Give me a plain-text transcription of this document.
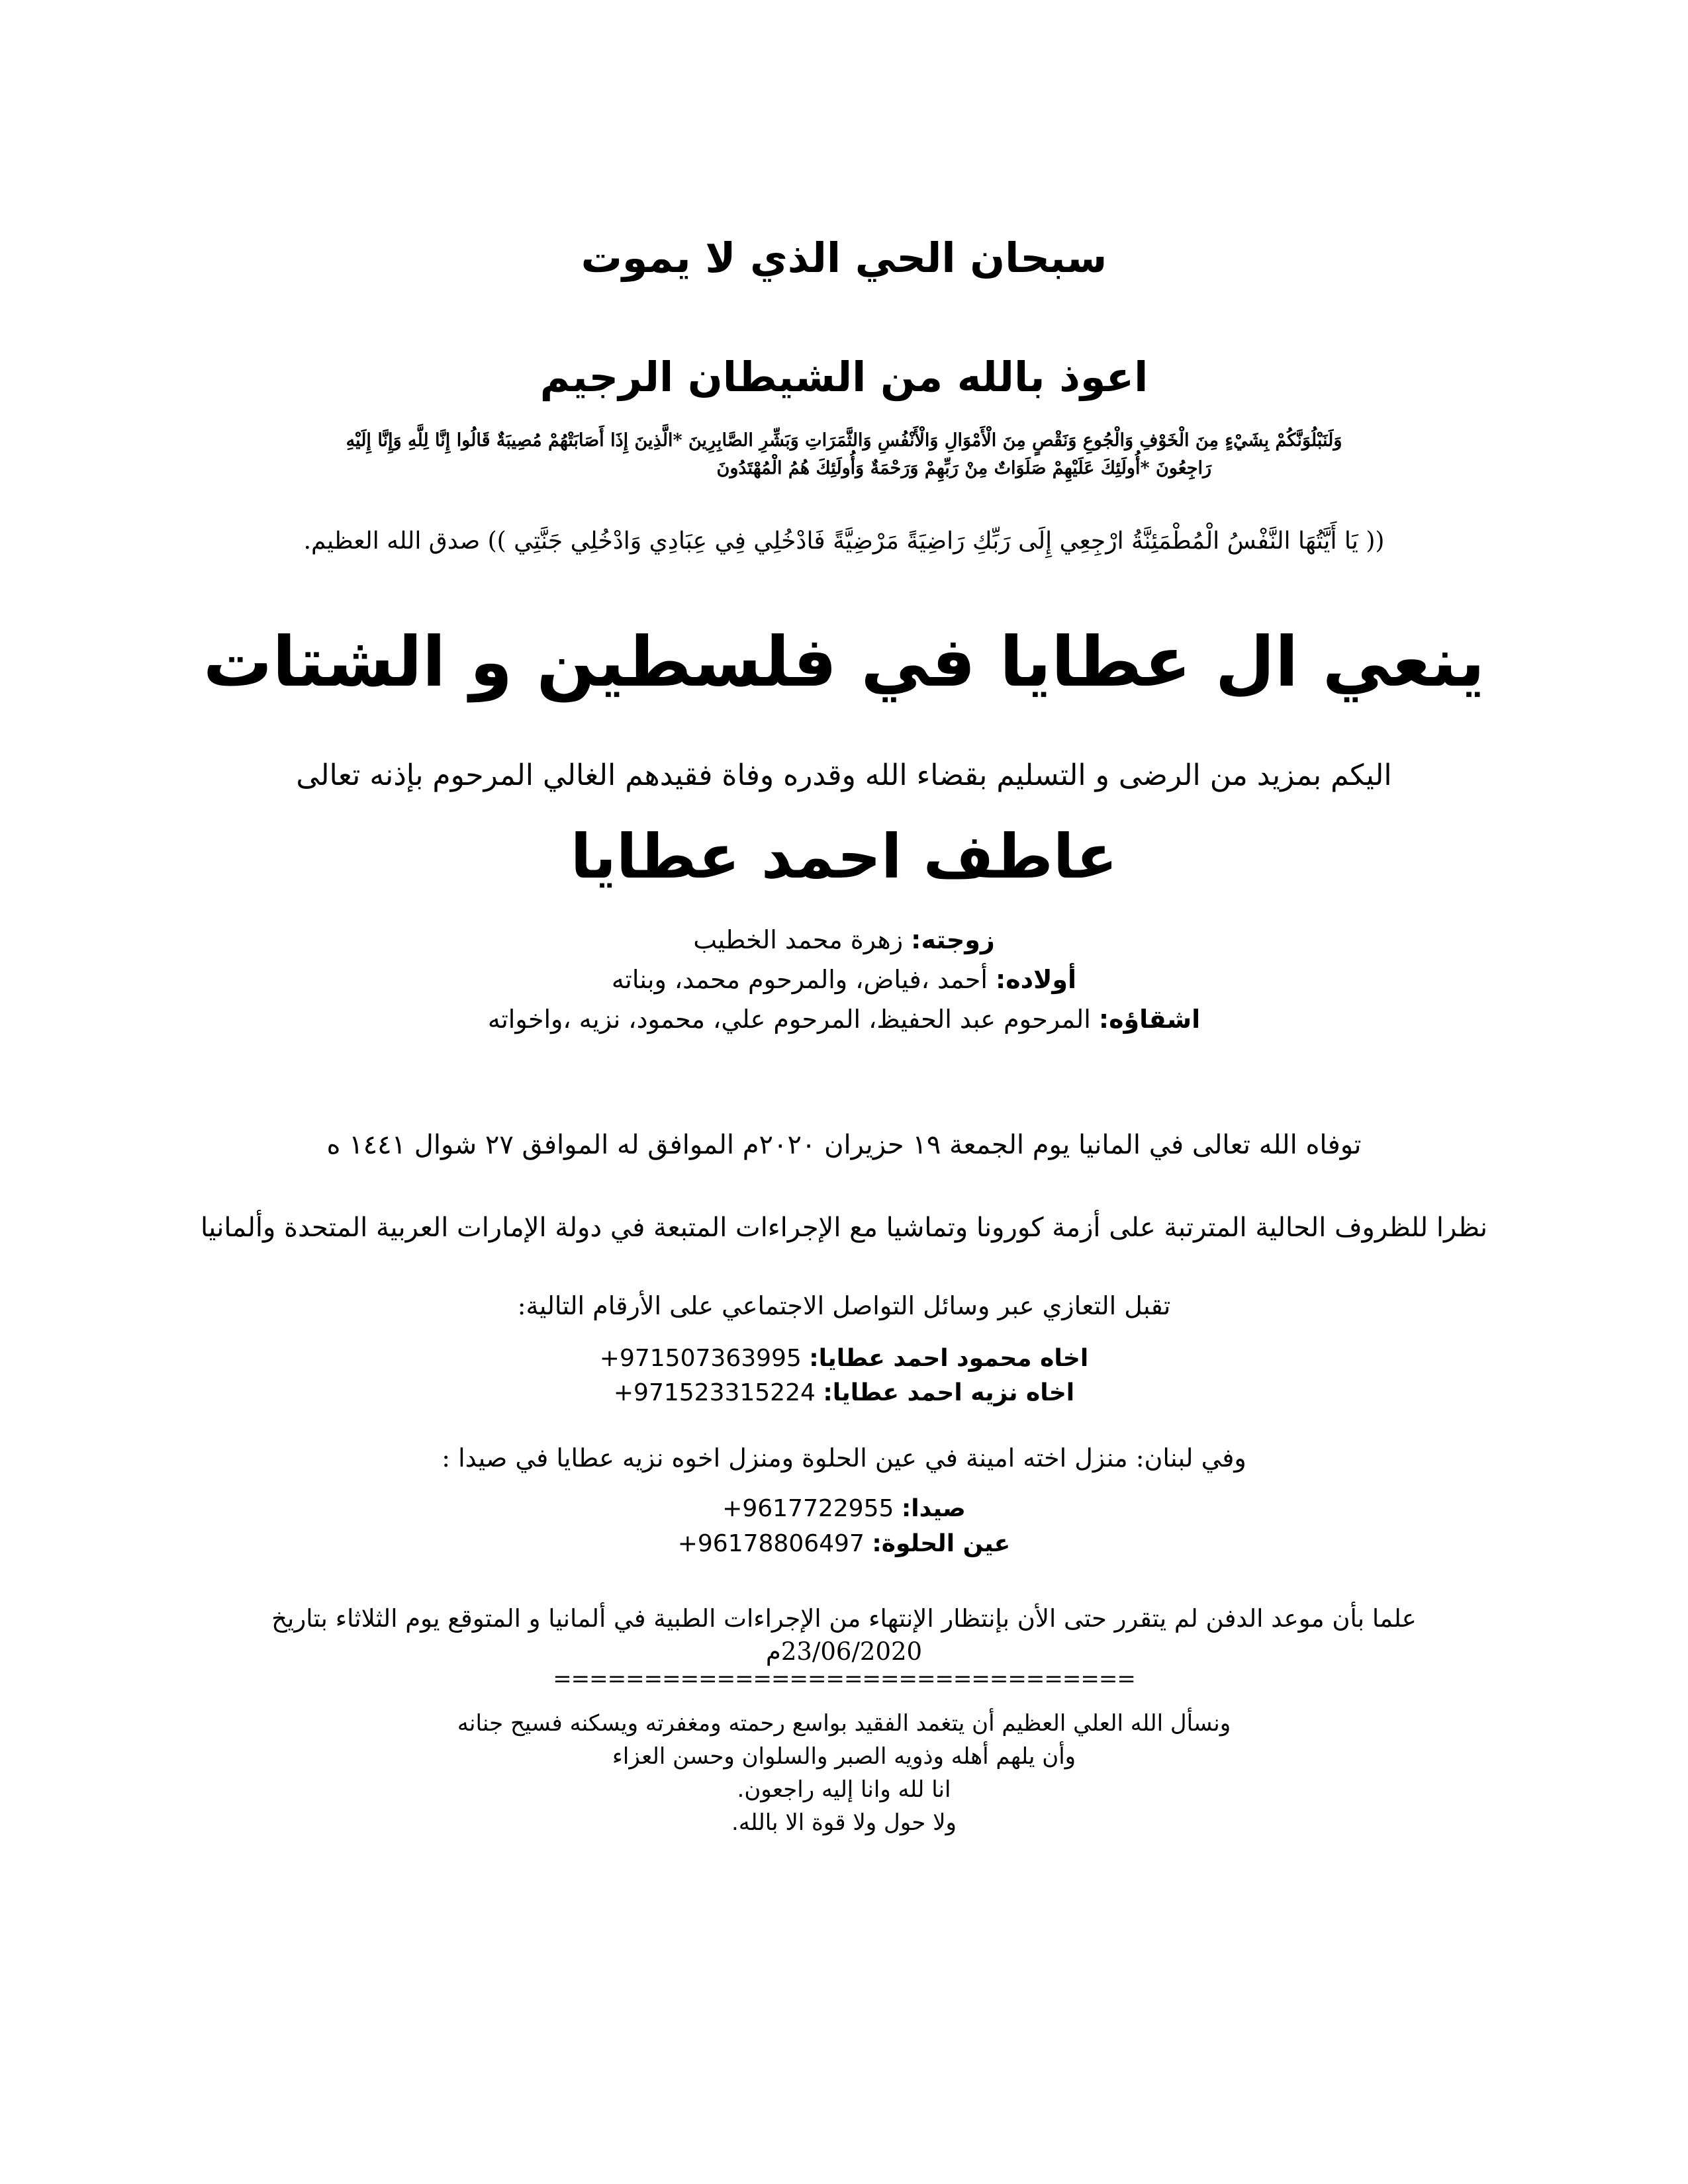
سبحان الحي الذي لا يموت
اعوذ بالله من الشيطان الرجيم
وَلَنَبْلُوَنَّكُمْ بِشَيْءٍ مِنَ الْخَوْفِ وَالْجُوعِ وَنَقْصٍ مِنَ الْأَمْوَالِ وَالْأَنْفُسِ وَالثَّمَرَاتِ وَبَشِّرِ الصَّابِرِينَ *الَّذِينَ إِذَا أَصَابَتْهُمْ مُصِيبَةٌ قَالُوا إِنَّا لِلَّهِ وَإِنَّا إِلَيْهِ
رَاجِعُونَ *أُولَئِكَ عَلَيْهِمْ صَلَوَاتٌ مِنْ رَبِّهِمْ وَرَحْمَةٌ وَأُولَئِكَ هُمُ الْمُهْتَدُونَ
(( يَا أَيَّتُهَا النَّفْسُ الْمُطْمَئِنَّةُ ارْجِعِي إِلَى رَبِّكِ رَاضِيَةً مَرْضِيَّةً فَادْخُلِي فِي عِبَادِي وَادْخُلِي جَنَّتِي )) صدق الله العظيم.
ينعي ال عطايا في فلسطين و الشتات
اليكم بمزيد من الرضى و التسليم بقضاء الله وقدره وفاة فقيدهم الغالي المرحوم بإذنه تعالى
عاطف احمد عطايا
زوجته: زهرة محمد الخطيب
أولاده: أحمد ،فياض، والمرحوم محمد، وبناته
اشقاؤه: المرحوم عبد الحفيظ، المرحوم علي، محمود، نزيه ،واخواته
توفاه الله تعالى في المانيا يوم الجمعة ١٩ حزيران ٢٠٢٠م الموافق له الموافق ٢٧ شوال ١٤٤١ ه
نظرا للظروف الحالية المترتبة على أزمة كورونا وتماشيا مع الإجراءات المتبعة في دولة الإمارات العربية المتحدة وألمانيا
تقبل التعازي عبر وسائل التواصل الاجتماعي على الأرقام التالية:
اخاه محمود احمد عطايا: 971507363995+
اخاه نزيه احمد عطايا: 971523315224+
وفي لبنان: منزل اخته امينة في عين الحلوة ومنزل اخوه نزيه عطايا في صيدا :
صيدا: 9617722955+
عين الحلوة: 96178806497+
علما بأن موعد الدفن لم يتقرر حتى الأن بإنتظار الإنتهاء من الإجراءات الطبية في ألمانيا و المتوقع يوم الثلاثاء بتاريخ
23/06/2020م
================================
ونسأل الله العلي العظيم أن يتغمد الفقيد بواسع رحمته ومغفرته ويسكنه فسيح جنانه
وأن يلهم أهله وذويه الصبر والسلوان وحسن العزاء
انا لله وانا إليه راجعون.
ولا حول ولا قوة الا بالله.
